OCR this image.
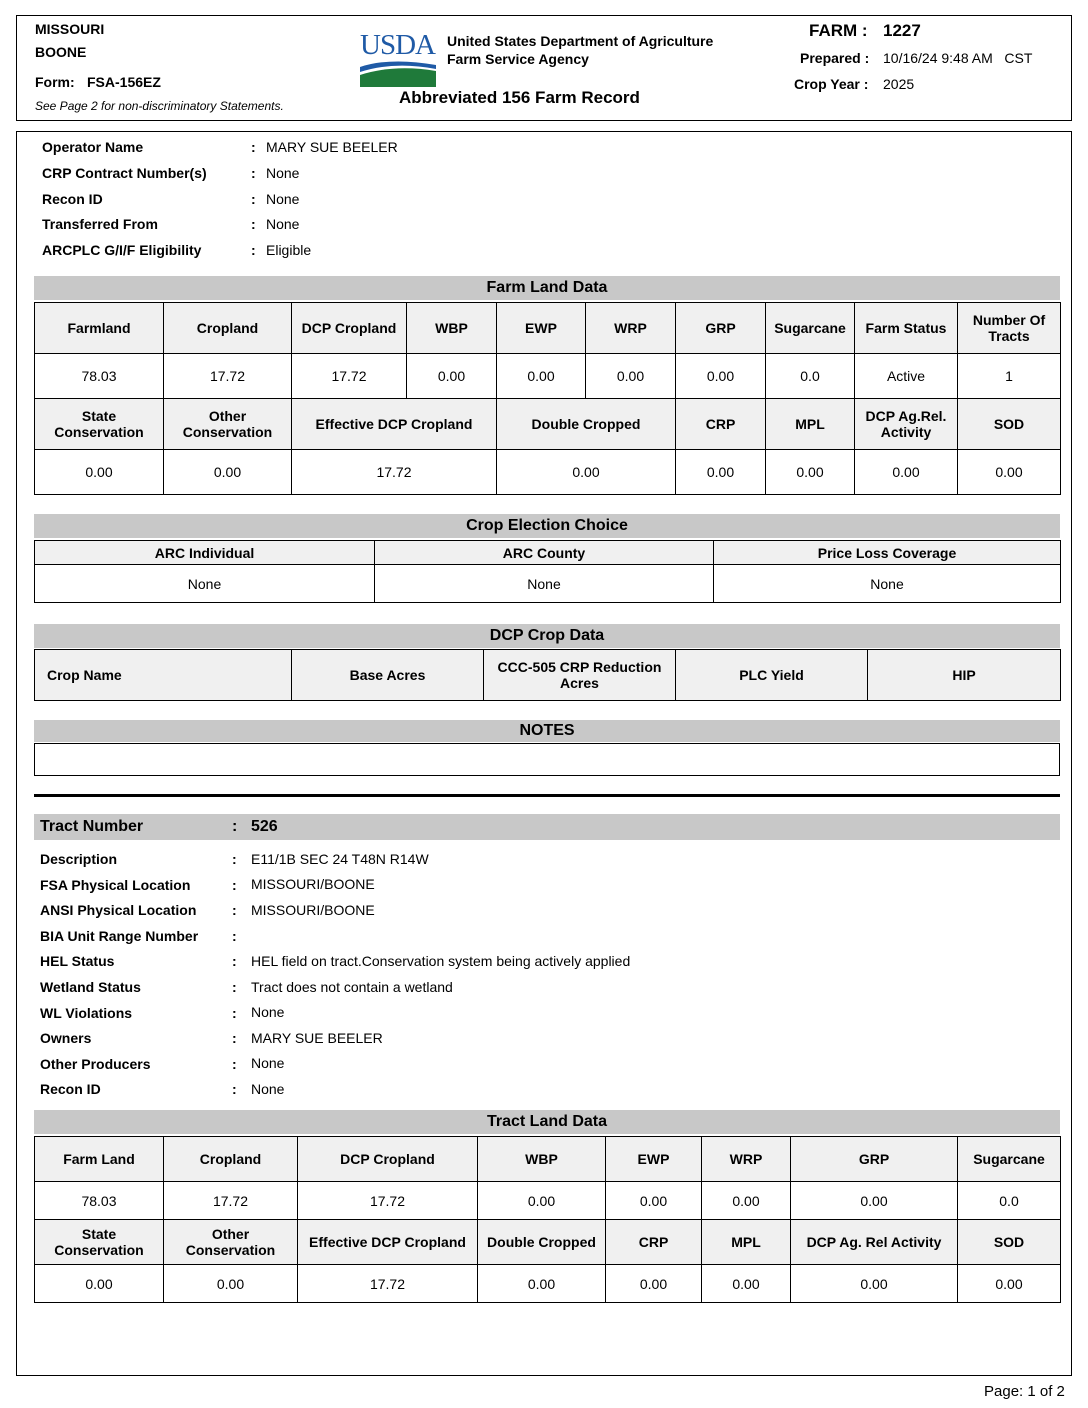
MISSOURI
BOONE
Form: FSA-156EZ
See Page 2 for non-discriminatory Statements.
USDA United States Department of Agriculture
Farm Service Agency
Abbreviated 156 Farm Record
FARM : 1227
Prepared : 10/16/24 9:48 AM   CST
Crop Year : 2025
Operator Name	: MARY SUE BEELER
CRP Contract Number(s)	: None
Recon ID	: None
Transferred From	: None
ARCPLC G/I/F Eligibility	: Eligible
Farm Land Data
Farmland	Cropland	DCP Cropland	WBP	EWP	WRP	GRP	Sugarcane	Farm Status	Number Of Tracts
78.03	17.72	17.72	0.00	0.00	0.00	0.00	0.0	Active	1
State Conservation	Other Conservation	Effective DCP Cropland		Double Cropped		CRP	MPL	DCP Ag.Rel. Activity	SOD
0.00	0.00	17.72		0.00		0.00	0.00	0.00	0.00
Crop Election Choice
ARC Individual	ARC County	Price Loss Coverage
None	None	None
DCP Crop Data
Crop Name	Base Acres	CCC-505 CRP Reduction Acres	PLC Yield	HIP
NOTES
Tract Number	: 526
Description	: E11/1B SEC 24 T48N R14W
FSA Physical Location	: MISSOURI/BOONE
ANSI Physical Location	: MISSOURI/BOONE
BIA Unit Range Number :
HEL Status	: HEL field on tract.Conservation system being actively applied
Wetland Status	: Tract does not contain a wetland
WL Violations	: None
Owners	: MARY SUE BEELER
Other Producers	: None
Recon ID	: None
Tract Land Data
Farm Land	Cropland	DCP Cropland	WBP	EWP	WRP	GRP	Sugarcane
78.03	17.72	17.72	0.00	0.00	0.00	0.00	0.0
State Conservation	Other Conservation	Effective DCP Cropland	Double Cropped	CRP	MPL	DCP Ag. Rel Activity	SOD
0.00	0.00	17.72	0.00	0.00	0.00	0.00	0.00
Page: 1 of 2
